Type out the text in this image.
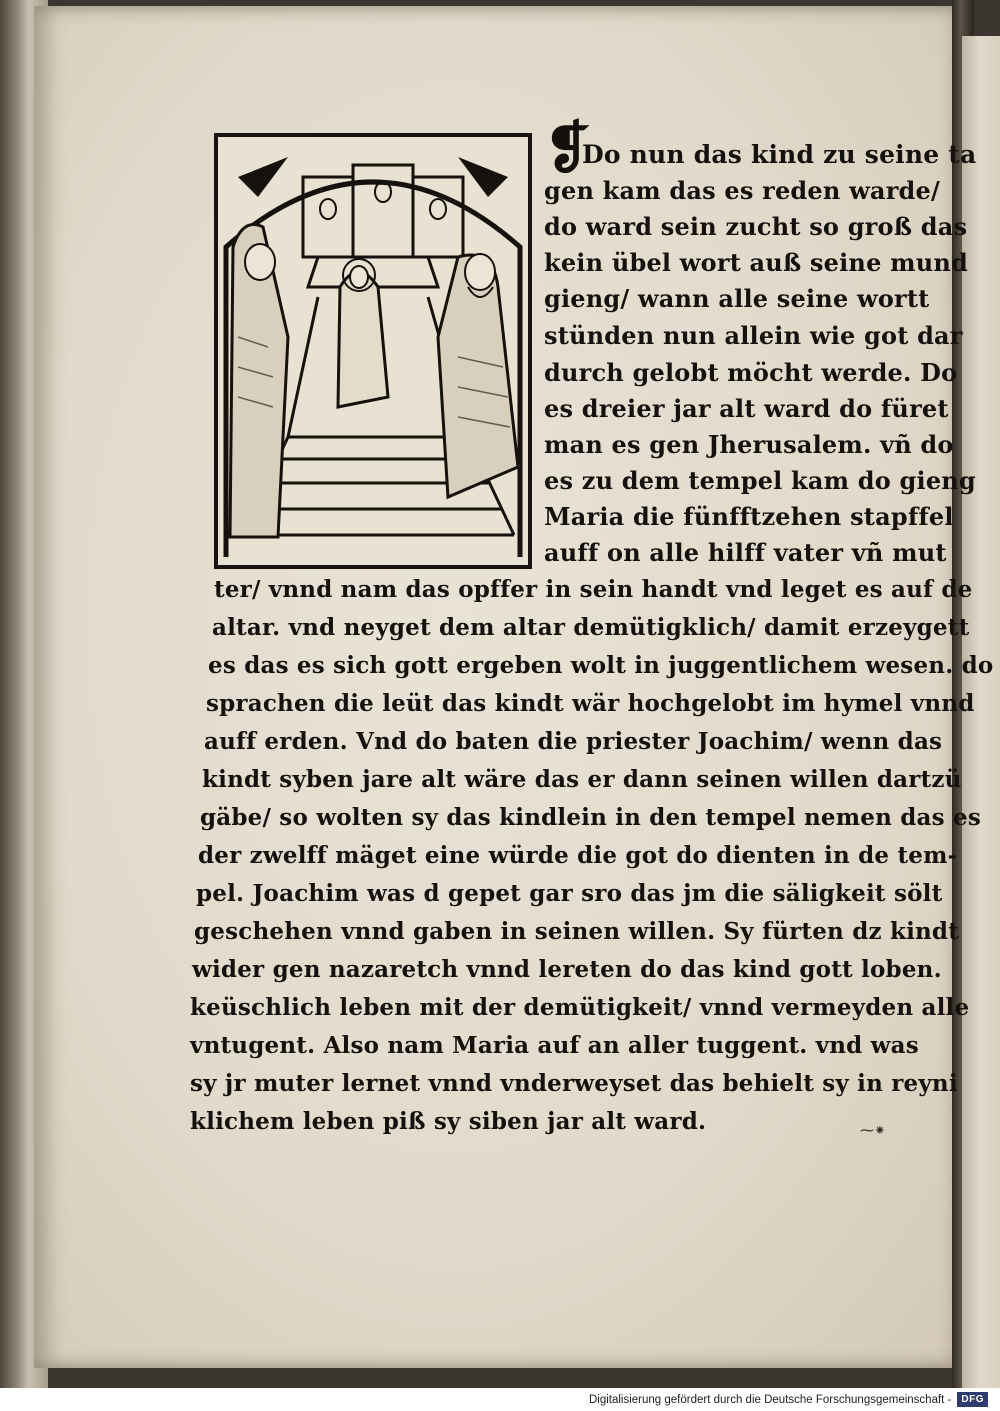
❡
Do nun das kind zu seine ta
gen kam das es reden warde/
do ward sein zucht so groß das
kein übel wort auß seine mund
gieng/ wann alle seine wortt
stünden nun allein wie got dar
durch gelobt möcht werde. Do
es dreier jar alt ward do füret
man es gen Jherusalem. vñ do
es zu dem tempel kam do gieng
Maria die fünfftzehen stapffel
auff on alle hilff vater vñ mut
ter/ vnnd nam das opffer in sein handt vnd leget es auf de
altar. vnd neyget dem altar demütigklich/ damit erzeygett
es das es sich gott ergeben wolt in juggentlichem wesen. do
sprachen die leüt das kindt wär hochgelobt im hymel vnnd
auff erden. Vnd do baten die priester Joachim/ wenn das
kindt syben jare alt wäre das er dann seinen willen dartzü
gäbe/ so wolten sy das kindlein in den tempel nemen das es
der zwelff mäget eine würde die got do dienten in de tem-
pel. Joachim was d gepet gar sro das jm die säligkeit sölt
geschehen vnnd gaben in seinen willen. Sy fürten dz kindt
wider gen nazaretch vnnd lereten do das kind gott loben.
keüschlich leben mit der demütigkeit/ vnnd vermeyden alle
vntugent. Also nam Maria auf an aller tuggent. vnd was
sy jr muter lernet vnnd vnderweyset das behielt sy in reyni
klichem leben piß sy siben jar alt ward.	⁓⁕
Digitalisierung gefördert durch die Deutsche Forschungsgemeinschaft -	DFG
